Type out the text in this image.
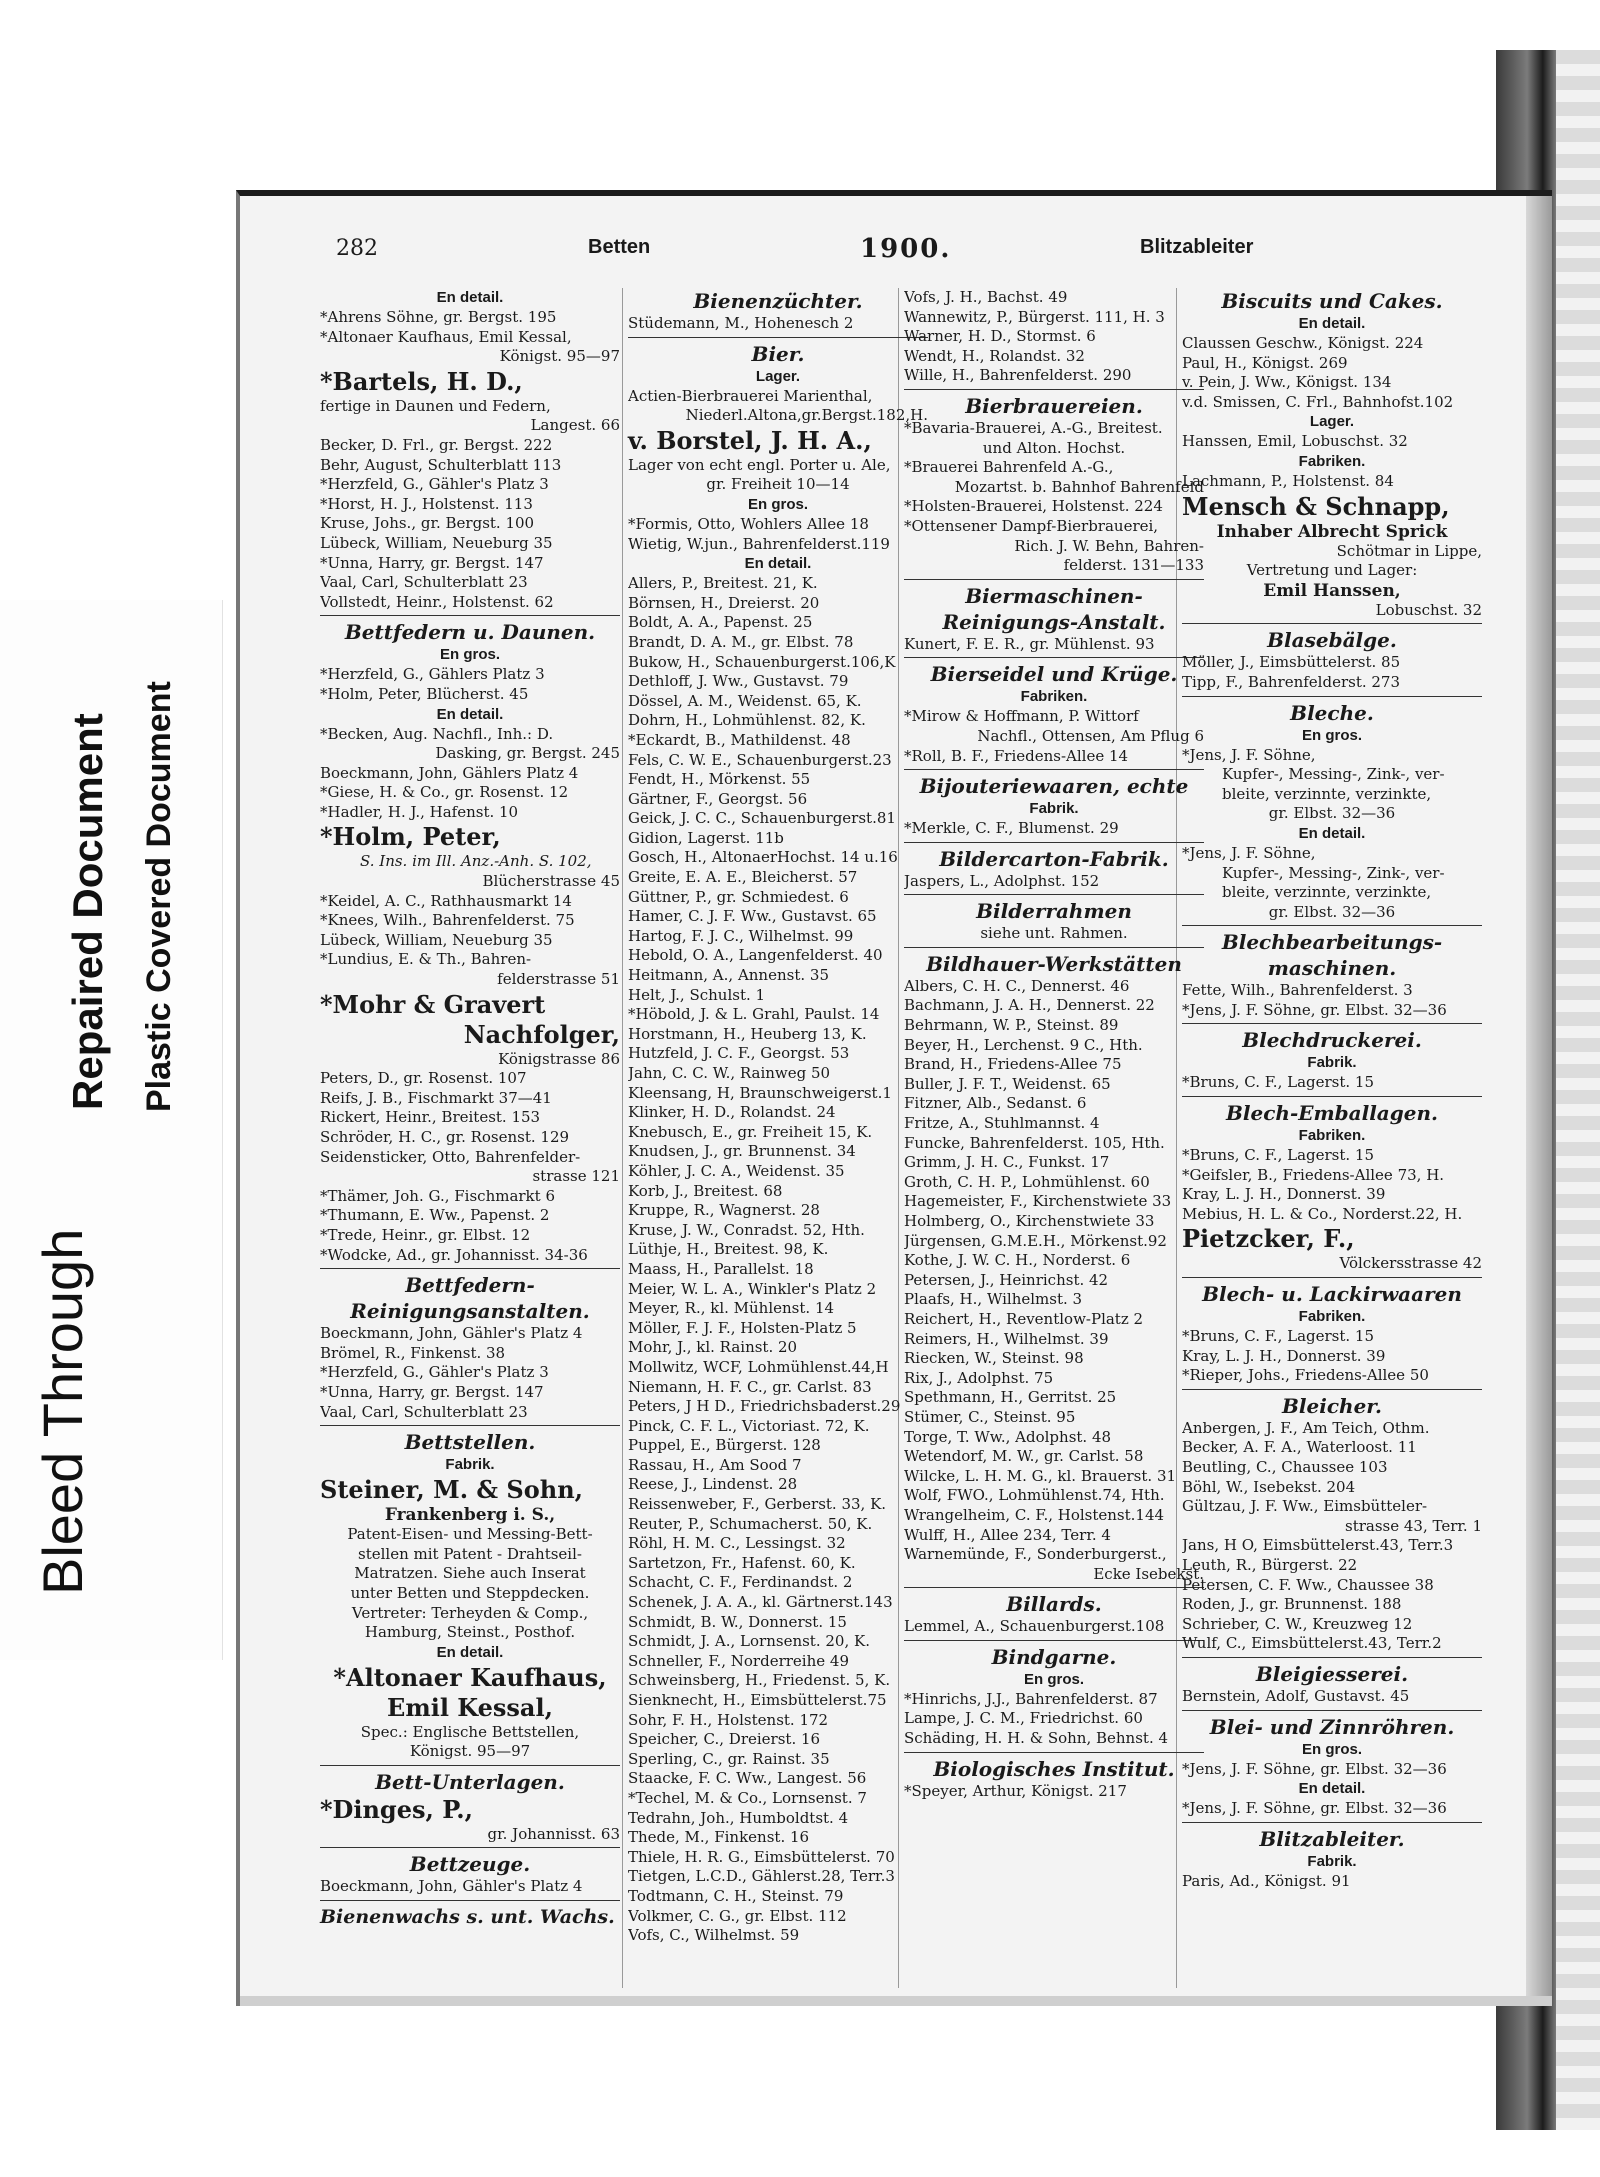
Bleed Through
Repaired Document Plastic Covered Document
282	Betten	1900.	Blitzableiter
En detail.
*Ahrens Söhne, gr. Bergst. 195
*Altonaer Kaufhaus, Emil Kessal,
Königst. 95—97
*Bartels, H. D.,
fertige in Daunen und Federn,
Langest. 66
Becker, D. Frl., gr. Bergst. 222
Behr, August, Schulterblatt 113
*Herzfeld, G., Gähler's Platz 3
*Horst, H. J., Holstenst. 113
Kruse, Johs., gr. Bergst. 100
Lübeck, William, Neueburg 35
*Unna, Harry, gr. Bergst. 147
Vaal, Carl, Schulterblatt 23
Vollstedt, Heinr., Holstenst. 62
Bettfedern u. Daunen.
En gros.
*Herzfeld, G., Gählers Platz 3
*Holm, Peter, Blücherst. 45
En detail.
*Becken, Aug. Nachfl., Inh.: D.
Dasking, gr. Bergst. 245
Boeckmann, John, Gählers Platz 4
*Giese, H. & Co., gr. Rosenst. 12
*Hadler, H. J., Hafenst. 10
*Holm, Peter,
S. Ins. im Ill. Anz.-Anh. S. 102,
Blücherstrasse 45
*Keidel, A. C., Rathhausmarkt 14
*Knees, Wilh., Bahrenfelderst. 75
Lübeck, William, Neueburg 35
*Lundius, E. & Th., Bahren-
felderstrasse 51
*Mohr & Gravert
Nachfolger,
Königstrasse 86
Peters, D., gr. Rosenst. 107
Reifs, J. B., Fischmarkt 37—41
Rickert, Heinr., Breitest. 153
Schröder, H. C., gr. Rosenst. 129
Seidensticker, Otto, Bahrenfelder-
strasse 121
*Thämer, Joh. G., Fischmarkt 6
*Thumann, E. Ww., Papenst. 2
*Trede, Heinr., gr. Elbst. 12
*Wodcke, Ad., gr. Johannisst. 34-36
Bettfedern-
Reinigungsanstalten.
Boeckmann, John, Gähler's Platz 4
Brömel, R., Finkenst. 38
*Herzfeld, G., Gähler's Platz 3
*Unna, Harry, gr. Bergst. 147
Vaal, Carl, Schulterblatt 23
Bettstellen.
Fabrik.
Steiner, M. & Sohn,
Frankenberg i. S.,
Patent-Eisen- und Messing-Bett-
stellen mit Patent - Drahtseil-
Matratzen. Siehe auch Inserat
unter Betten und Steppdecken.
Vertreter: Terheyden & Comp.,
Hamburg, Steinst., Posthof.
En detail.
*Altonaer Kaufhaus,
Emil Kessal,
Spec.: Englische Bettstellen,
Königst. 95—97
Bett-Unterlagen.
*Dinges, P.,
gr. Johannisst. 63
Bettzeuge.
Boeckmann, John, Gähler's Platz 4
Bienenwachs s. unt. Wachs.
Bienenzüchter.
Stüdemann, M., Hohenesch 2
Bier.
Lager.
Actien-Bierbrauerei Marienthal,
Niederl.Altona,gr.Bergst.182,H.
v. Borstel, J. H. A.,
Lager von echt engl. Porter u. Ale,
gr. Freiheit 10—14
En gros.
*Formis, Otto, Wohlers Allee 18
Wietig, W.jun., Bahrenfelderst.119
En detail.
Allers, P., Breitest. 21, K.
Börnsen, H., Dreierst. 20
Boldt, A. A., Papenst. 25
Brandt, D. A. M., gr. Elbst. 78
Bukow, H., Schauenburgerst.106,K
Dethloff, J. Ww., Gustavst. 79
Dössel, A. M., Weidenst. 65, K.
Dohrn, H., Lohmühlenst. 82, K.
*Eckardt, B., Mathildenst. 48
Fels, C. W. E., Schauenburgerst.23
Fendt, H., Mörkenst. 55
Gärtner, F., Georgst. 56
Geick, J. C. C., Schauenburgerst.81
Gidion, Lagerst. 11b
Gosch, H., AltonaerHochst. 14 u.16
Greite, E. A. E., Bleicherst. 57
Güttner, P., gr. Schmiedest. 6
Hamer, C. J. F. Ww., Gustavst. 65
Hartog, F. J. C., Wilhelmst. 99
Hebold, O. A., Langenfelderst. 40
Heitmann, A., Annenst. 35
Helt, J., Schulst. 1
*Höbold, J. & L. Grahl, Paulst. 14
Horstmann, H., Heuberg 13, K.
Hutzfeld, J. C. F., Georgst. 53
Jahn, C. C. W., Rainweg 50
Kleensang, H, Braunschweigerst.1
Klinker, H. D., Rolandst. 24
Knebusch, E., gr. Freiheit 15, K.
Knudsen, J., gr. Brunnenst. 34
Köhler, J. C. A., Weidenst. 35
Korb, J., Breitest. 68
Kruppe, R., Wagnerst. 28
Kruse, J. W., Conradst. 52, Hth.
Lüthje, H., Breitest. 98, K.
Maass, H., Parallelst. 18
Meier, W. L. A., Winkler's Platz 2
Meyer, R., kl. Mühlenst. 14
Möller, F. J. F., Holsten-Platz 5
Mohr, J., kl. Rainst. 20
Mollwitz, WCF, Lohmühlenst.44,H
Niemann, H. F. C., gr. Carlst. 83
Peters, J H D., Friedrichsbaderst.29
Pinck, C. F. L., Victoriast. 72, K.
Puppel, E., Bürgerst. 128
Rassau, H., Am Sood 7
Reese, J., Lindenst. 28
Reissenweber, F., Gerberst. 33, K.
Reuter, P., Schumacherst. 50, K.
Röhl, H. M. C., Lessingst. 32
Sartetzon, Fr., Hafenst. 60, K.
Schacht, C. F., Ferdinandst. 2
Schenek, J. A. A., kl. Gärtnerst.143
Schmidt, B. W., Donnerst. 15
Schmidt, J. A., Lornsenst. 20, K.
Schneller, F., Norderreihe 49
Schweinsberg, H., Friedenst. 5, K.
Sienknecht, H., Eimsbüttelerst.75
Sohr, F. H., Holstenst. 172
Speicher, C., Dreierst. 16
Sperling, C., gr. Rainst. 35
Staacke, F. C. Ww., Langest. 56
*Techel, M. & Co., Lornsenst. 7
Tedrahn, Joh., Humboldtst. 4
Thede, M., Finkenst. 16
Thiele, H. R. G., Eimsbüttelerst. 70
Tietgen, L.C.D., Gählerst.28, Terr.3
Todtmann, C. H., Steinst. 79
Volkmer, C. G., gr. Elbst. 112
Vofs, C., Wilhelmst. 59
Vofs, J. H., Bachst. 49
Wannewitz, P., Bürgerst. 111, H. 3
Warner, H. D., Stormst. 6
Wendt, H., Rolandst. 32
Wille, H., Bahrenfelderst. 290
Bierbrauereien.
*Bavaria-Brauerei, A.-G., Breitest.
und Alton. Hochst.
*Brauerei Bahrenfeld A.-G.,
Mozartst. b. Bahnhof Bahrenfeld
*Holsten-Brauerei, Holstenst. 224
*Ottensener Dampf-Bierbrauerei,
Rich. J. W. Behn, Bahren-
felderst. 131—133
Biermaschinen-
Reinigungs-Anstalt.
Kunert, F. E. R., gr. Mühlenst. 93
Bierseidel und Krüge.
Fabriken.
*Mirow & Hoffmann, P. Wittorf
Nachfl., Ottensen, Am Pflug 6
*Roll, B. F., Friedens-Allee 14
Bijouteriewaaren, echte
Fabrik.
*Merkle, C. F., Blumenst. 29
Bildercarton-Fabrik.
Jaspers, L., Adolphst. 152
Bilderrahmen
siehe unt. Rahmen.
Bildhauer-Werkstätten
Albers, C. H. C., Dennerst. 46
Bachmann, J. A. H., Dennerst. 22
Behrmann, W. P., Steinst. 89
Beyer, H., Lerchenst. 9 C., Hth.
Brand, H., Friedens-Allee 75
Buller, J. F. T., Weidenst. 65
Fitzner, Alb., Sedanst. 6
Fritze, A., Stuhlmannst. 4
Funcke, Bahrenfelderst. 105, Hth.
Grimm, J. H. C., Funkst. 17
Groth, C. H. P., Lohmühlenst. 60
Hagemeister, F., Kirchenstwiete 33
Holmberg, O., Kirchenstwiete 33
Jürgensen, G.M.E.H., Mörkenst.92
Kothe, J. W. C. H., Norderst. 6
Petersen, J., Heinrichst. 42
Plaafs, H., Wilhelmst. 3
Reichert, H., Reventlow-Platz 2
Reimers, H., Wilhelmst. 39
Riecken, W., Steinst. 98
Rix, J., Adolphst. 75
Spethmann, H., Gerritst. 25
Stümer, C., Steinst. 95
Torge, T. Ww., Adolphst. 48
Wetendorf, M. W., gr. Carlst. 58
Wilcke, L. H. M. G., kl. Brauerst. 31
Wolf, FWO., Lohmühlenst.74, Hth.
Wrangelheim, C. F., Holstenst.144
Wulff, H., Allee 234, Terr. 4
Warnemünde, F., Sonderburgerst.,
Ecke Isebekst.
Billards.
Lemmel, A., Schauenburgerst.108
Bindgarne.
En gros.
*Hinrichs, J.J., Bahrenfelderst. 87
Lampe, J. C. M., Friedrichst. 60
Schäding, H. H. & Sohn, Behnst. 4
Biologisches Institut.
*Speyer, Arthur, Königst. 217
Biscuits und Cakes.
En detail.
Claussen Geschw., Königst. 224
Paul, H., Königst. 269
v. Pein, J. Ww., Königst. 134
v.d. Smissen, C. Frl., Bahnhofst.102
Lager.
Hanssen, Emil, Lobuschst. 32
Fabriken.
Lachmann, P., Holstenst. 84
Mensch & Schnapp,
Inhaber Albrecht Sprick
Schötmar in Lippe,
Vertretung und Lager:
Emil Hanssen,
Lobuschst. 32
Blasebälge.
Möller, J., Eimsbüttelerst. 85
Tipp, F., Bahrenfelderst. 273
Bleche.
En gros.
*Jens, J. F. Söhne,
Kupfer-, Messing-, Zink-, ver-
bleite, verzinnte, verzinkte,
gr. Elbst. 32—36
En detail.
*Jens, J. F. Söhne,
Kupfer-, Messing-, Zink-, ver-
bleite, verzinnte, verzinkte,
gr. Elbst. 32—36
Blechbearbeitungs-
maschinen.
Fette, Wilh., Bahrenfelderst. 3
*Jens, J. F. Söhne, gr. Elbst. 32—36
Blechdruckerei.
Fabrik.
*Bruns, C. F., Lagerst. 15
Blech-Emballagen.
Fabriken.
*Bruns, C. F., Lagerst. 15
*Geifsler, B., Friedens-Allee 73, H.
Kray, L. J. H., Donnerst. 39
Mebius, H. L. & Co., Norderst.22, H.
Pietzcker, F.,
Völckersstrasse 42
Blech- u. Lackirwaaren
Fabriken.
*Bruns, C. F., Lagerst. 15
Kray, L. J. H., Donnerst. 39
*Rieper, Johs., Friedens-Allee 50
Bleicher.
Anbergen, J. F., Am Teich, Othm.
Becker, A. F. A., Waterloost. 11
Beutling, C., Chaussee 103
Böhl, W., Isebekst. 204
Gültzau, J. F. Ww., Eimsbütteler-
strasse 43, Terr. 1
Jans, H O, Eimsbüttelerst.43, Terr.3
Leuth, R., Bürgerst. 22
Petersen, C. F. Ww., Chaussee 38
Roden, J., gr. Brunnenst. 188
Schrieber, C. W., Kreuzweg 12
Wulf, C., Eimsbüttelerst.43, Terr.2
Bleigiesserei.
Bernstein, Adolf, Gustavst. 45
Blei- und Zinnröhren.
En gros.
*Jens, J. F. Söhne, gr. Elbst. 32—36
En detail.
*Jens, J. F. Söhne, gr. Elbst. 32—36
Blitzableiter.
Fabrik.
Paris, Ad., Königst. 91
